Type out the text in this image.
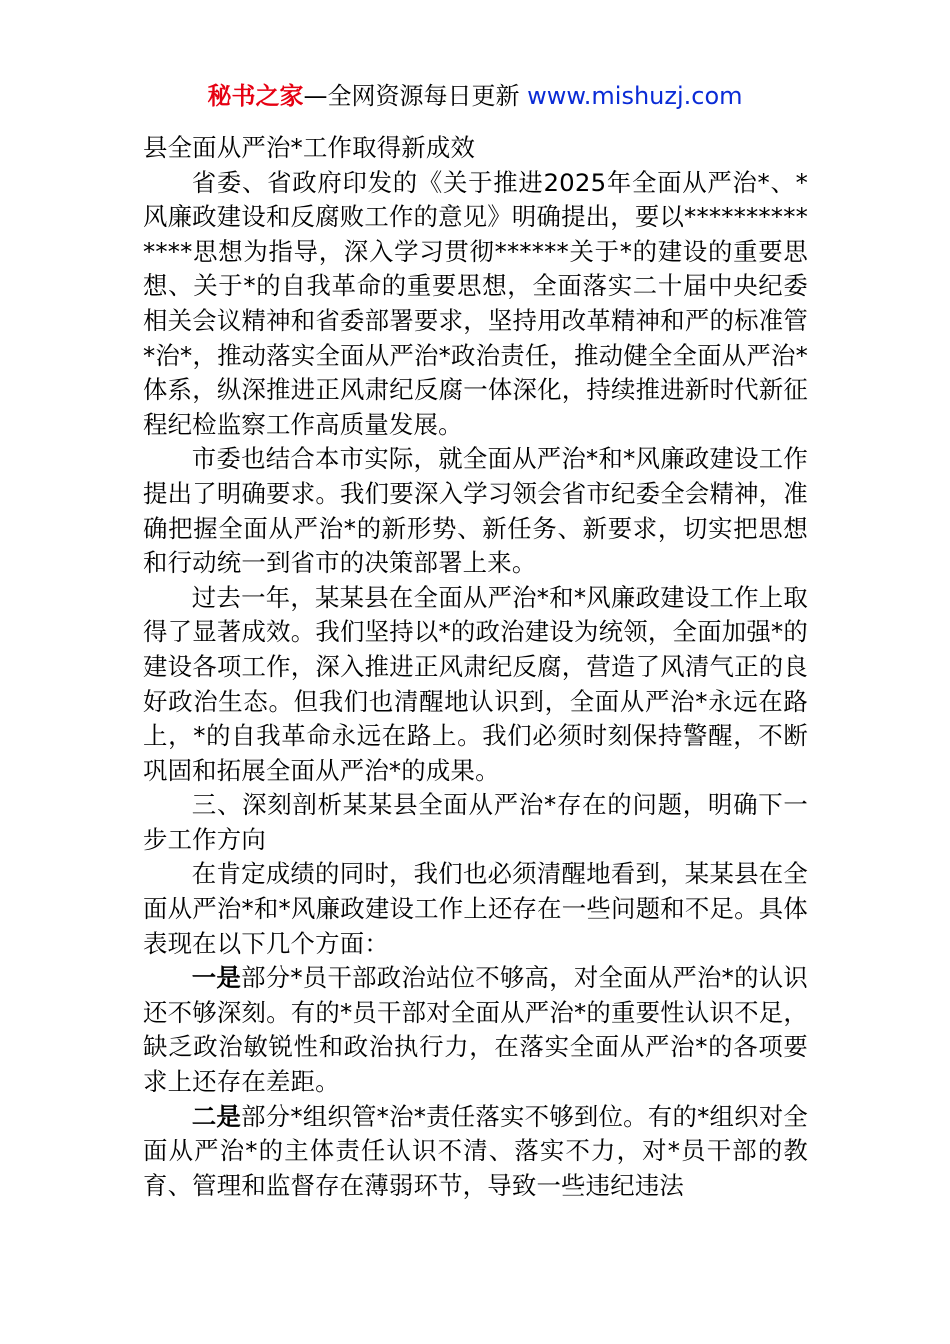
秘书之家—全网资源每日更新 www.mishuzj.com

县全面从严治*工作取得新成效

省委、省政府印发的《关于推进2025年全面从严治*、*风廉政建设和反腐败工作的意见》明确提出，要以**************思想为指导，深入学习贯彻******关于*的建设的重要思想、关于*的自我革命的重要思想，全面落实二十届中央纪委相关会议精神和省委部署要求，坚持用改革精神和严的标准管*治*，推动落实全面从严治*政治责任，推动健全全面从严治*体系，纵深推进正风肃纪反腐一体深化，持续推进新时代新征程纪检监察工作高质量发展。

市委也结合本市实际，就全面从严治*和*风廉政建设工作提出了明确要求。我们要深入学习领会省市纪委全会精神，准确把握全面从严治*的新形势、新任务、新要求，切实把思想和行动统一到省市的决策部署上来。

过去一年，某某县在全面从严治*和*风廉政建设工作上取得了显著成效。我们坚持以*的政治建设为统领，全面加强*的建设各项工作，深入推进正风肃纪反腐，营造了风清气正的良好政治生态。但我们也清醒地认识到，全面从严治*永远在路上，*的自我革命永远在路上。我们必须时刻保持警醒，不断巩固和拓展全面从严治*的成果。

三、深刻剖析某某县全面从严治*存在的问题，明确下一步工作方向

在肯定成绩的同时，我们也必须清醒地看到，某某县在全面从严治*和*风廉政建设工作上还存在一些问题和不足。具体表现在以下几个方面：

一是部分*员干部政治站位不够高，对全面从严治*的认识还不够深刻。有的*员干部对全面从严治*的重要性认识不足，缺乏政治敏锐性和政治执行力，在落实全面从严治*的各项要求上还存在差距。

二是部分*组织管*治*责任落实不够到位。有的*组织对全面从严治*的主体责任认识不清、落实不力，对*员干部的教育、管理和监督存在薄弱环节，导致一些违纪违法
